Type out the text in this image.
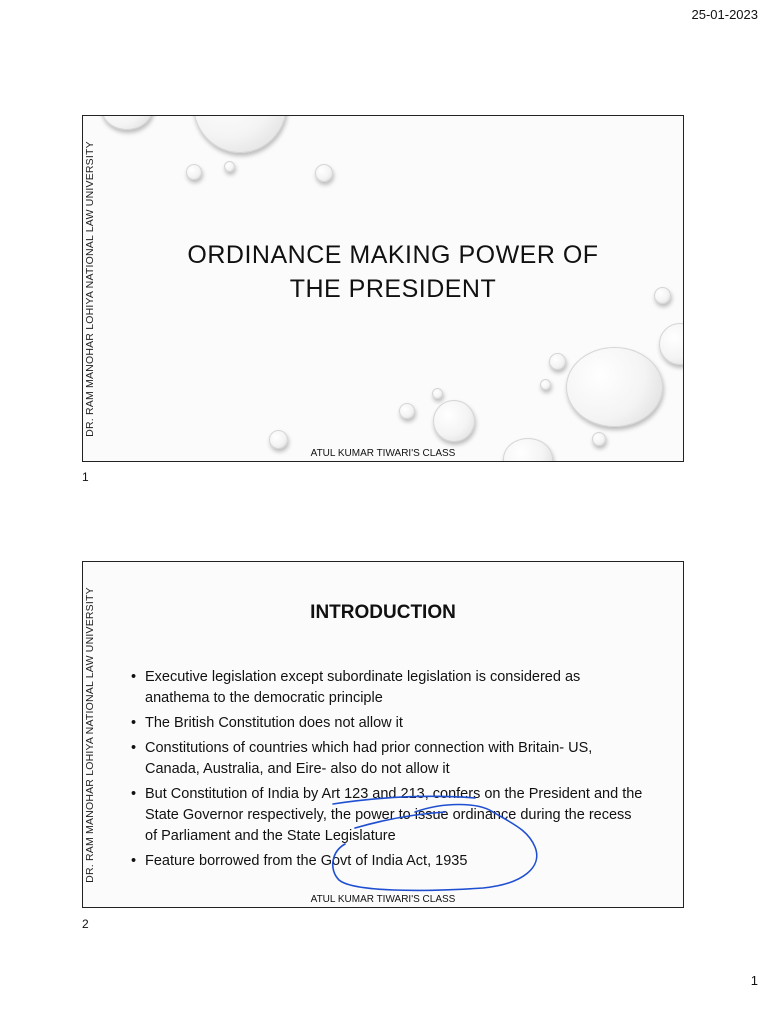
25-01-2023
DR. RAM MANOHAR LOHIYA NATIONAL LAW UNIVERSITY	ORDINANCE MAKING POWER OF
THE PRESIDENT
ATUL KUMAR TIWARI'S CLASS
1
DR. RAM MANOHAR LOHIYA NATIONAL LAW UNIVERSITY	INTRODUCTION
• Executive legislation except subordinate legislation is considered as anathema to the democratic principle
• The British Constitution does not allow it
• Constitutions of countries which had prior connection with Britain- US, Canada, Australia, and Eire- also do not allow it
• But Constitution of India by Art 123 and 213, confers on the President and the State Governor respectively, the power to issue ordinance during the recess of Parliament and the State Legislature
• Feature borrowed from the Govt of India Act, 1935
ATUL KUMAR TIWARI'S CLASS
2
1
